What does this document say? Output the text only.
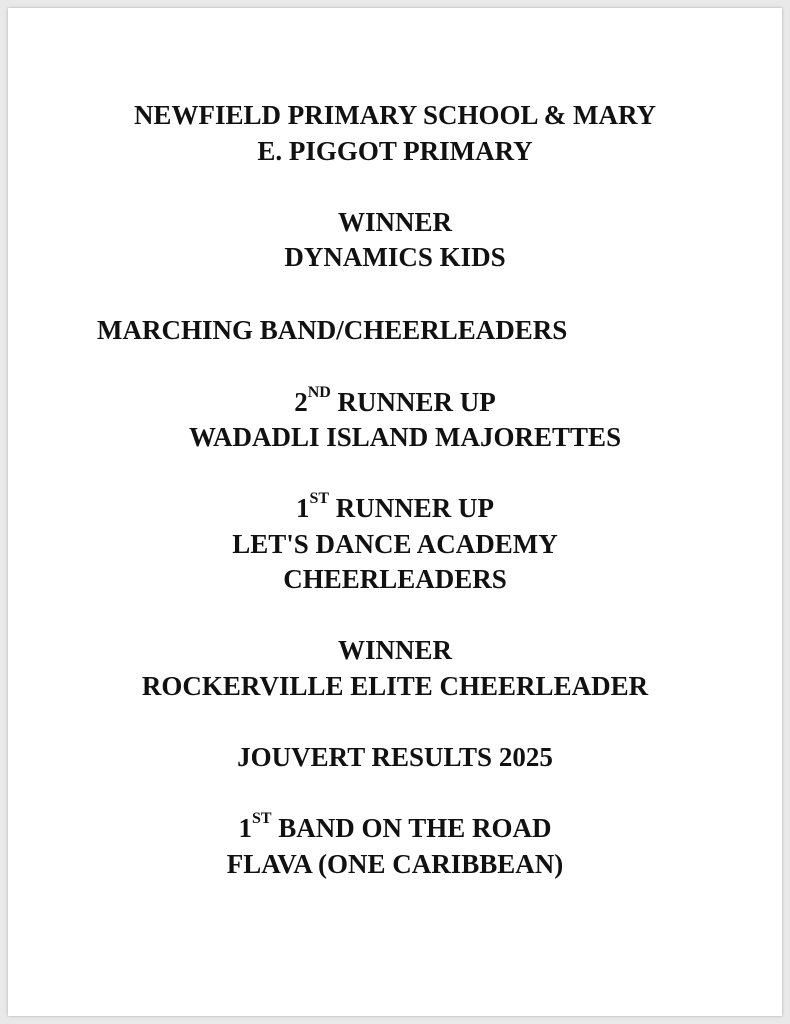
NEWFIELD PRIMARY SCHOOL & MARY
E. PIGGOT PRIMARY
WINNER
DYNAMICS KIDS
MARCHING BAND/CHEERLEADERS
2ND RUNNER UP
WADADLI ISLAND MAJORETTES
1ST RUNNER UP
LET'S DANCE ACADEMY
CHEERLEADERS
WINNER
ROCKERVILLE ELITE CHEERLEADER
JOUVERT RESULTS 2025
1ST BAND ON THE ROAD
FLAVA (ONE CARIBBEAN)
